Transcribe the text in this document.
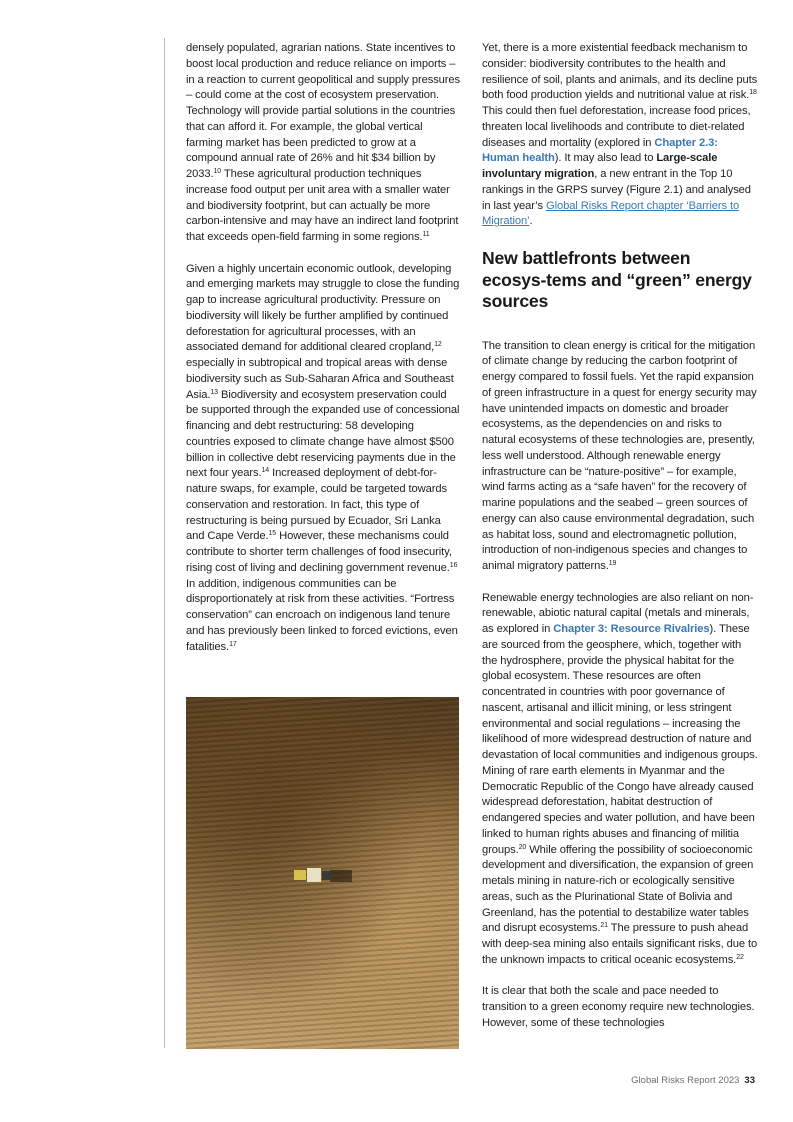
densely populated, agrarian nations. State incentives to boost local production and reduce reliance on imports – in a reaction to current geopolitical and supply pressures – could come at the cost of ecosystem preservation. Technology will provide partial solutions in the countries that can afford it. For example, the global vertical farming market has been predicted to grow at a compound annual rate of 26% and hit $34 billion by 2033.10 These agricultural production techniques increase food output per unit area with a smaller water and biodiversity footprint, but can actually be more carbon-intensive and may have an indirect land footprint that exceeds open-field farming in some regions.$^{11}$

Given a highly uncertain economic outlook, developing and emerging markets may struggle to close the funding gap to increase agricultural productivity. Pressure on biodiversity will likely be further amplified by continued deforestation for agricultural processes, with an associated demand for additional cleared cropland,$^{12}$ especially in subtropical and tropical areas with dense biodiversity such as Sub-Saharan Africa and Southeast Asia.$^{13}$ Biodiversity and ecosystem preservation could be supported through the expanded use of concessional financing and debt restructuring: 58 developing countries exposed to climate change have almost $500 billion in collective debt reservicing payments due in the next four years.$^{14}$ Increased deployment of debt-for-nature swaps, for example, could be targeted towards conservation and restoration. In fact, this type of restructuring is being pursued by Ecuador, Sri Lanka and Cape Verde.$^{15}$ However, these mechanisms could contribute to shorter term challenges of food insecurity, rising cost of living and declining government revenue.$^{16}$ In addition, indigenous communities can be disproportionately at risk from these activities. “Fortress conservation” can encroach on indigenous land tenure and has previously been linked to forced evictions, even fatalities.$^{17}$

Yet, there is a more existential feedback mechanism to consider: biodiversity contributes to the health and resilience of soil, plants and animals, and its decline puts both food production yields and nutritional value at risk.$^{18}$ This could then fuel deforestation, increase food prices, threaten local livelihoods and contribute to diet-related diseases and mortality (explored in Chapter 2.3: Human health). It may also lead to Large-scale involuntary migration, a new entrant in the Top 10 rankings in the GRPS survey (Figure 2.1) and analysed in last year’s Global Risks Report chapter ‘Barriers to Migration’.

New battlefronts between ecosys-tems and “green” energy sources

The transition to clean energy is critical for the mitigation of climate change by reducing the carbon footprint of energy compared to fossil fuels. Yet the rapid expansion of green infrastructure in a quest for energy security may have unintended impacts on domestic and broader ecosystems, as the dependencies on and risks to natural ecosystems of these technologies are, presently, less well understood. Although renewable energy infrastructure can be “nature-positive” – for example, wind farms acting as a “safe haven” for the recovery of marine populations and the seabed – green sources of energy can also cause environmental degradation, such as habitat loss, sound and electromagnetic pollution, introduction of non-indigenous species and changes to animal migratory patterns.$^{19}$

Renewable energy technologies are also reliant on non-renewable, abiotic natural capital (metals and minerals, as explored in Chapter 3: Resource Rivalries). These are sourced from the geosphere, which, together with the hydrosphere, provide the physical habitat for the global ecosystem. These resources are often concentrated in countries with poor governance of nascent, artisanal and illicit mining, or less stringent environmental and social regulations – increasing the likelihood of more widespread destruction of nature and devastation of local communities and indigenous groups. Mining of rare earth elements in Myanmar and the Democratic Republic of the Congo have already caused widespread deforestation, habitat destruction of endangered species and water pollution, and have been linked to human rights abuses and financing of militia groups.$^{20}$ While offering the possibility of socioeconomic development and diversification, the expansion of green metals mining in nature-rich or ecologically sensitive areas, such as the Plurinational State of Bolivia and Greenland, has the potential to destabilize water tables and disrupt ecosystems.$^{21}$ The pressure to push ahead with deep-sea mining also entails significant risks, due to the unknown impacts to critical oceanic ecosystems.$^{22}$

It is clear that both the scale and pace needed to transition to a green economy require new technologies. However, some of these technologies

Global Risks Report 2023 33
